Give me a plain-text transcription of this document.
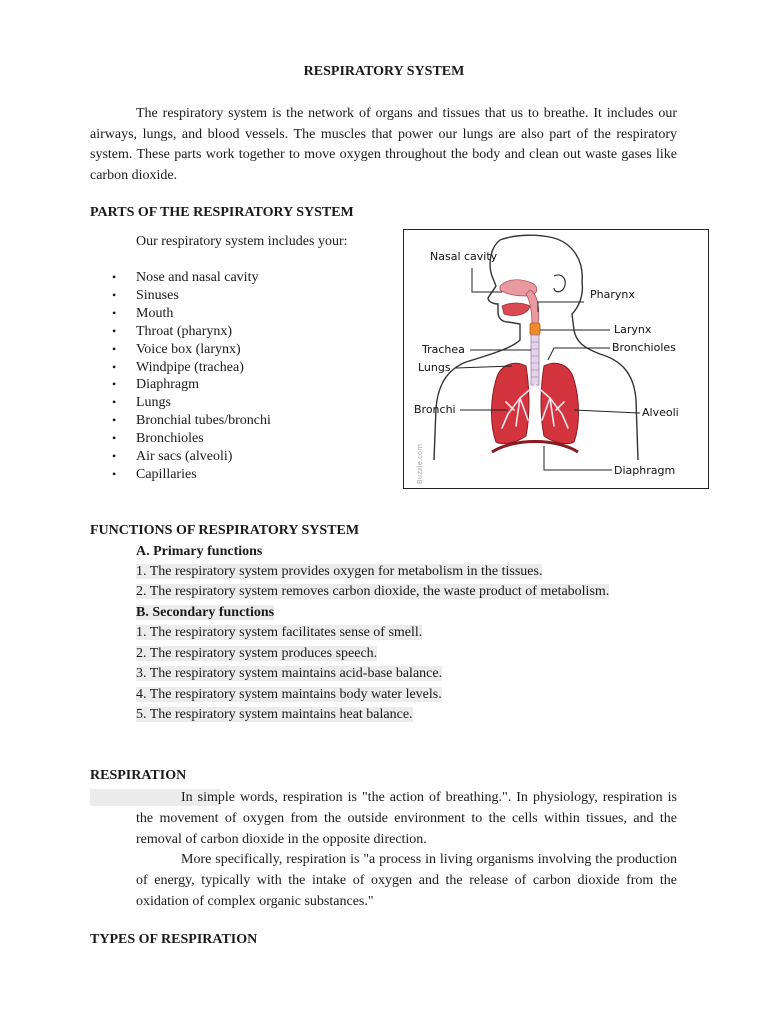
RESPIRATORY SYSTEM

The respiratory system is the network of organs and tissues that us to breathe. It includes our airways, lungs, and blood vessels. The muscles that power our lungs are also part of the respiratory system. These parts work together to move oxygen throughout the body and clean out waste gases like carbon dioxide.

PARTS OF THE RESPIRATORY SYSTEM

Our respiratory system includes your:

• Nose and nasal cavity
• Sinuses
• Mouth
• Throat (pharynx)
• Voice box (larynx)
• Windpipe (trachea)
• Diaphragm
• Lungs
• Bronchial tubes/bronchi
• Bronchioles
• Air sacs (alveoli)
• Capillaries
Nasal cavity
Pharynx
Larynx
Trachea	Bronchioles
Lungs
Bronchi	Alveoli
Diaphragm
Buzzle.com

FUNCTIONS OF RESPIRATORY SYSTEM

A. Primary functions

1. The respiratory system provides oxygen for metabolism in the tissues.

2. The respiratory system removes carbon dioxide, the waste product of metabolism.

B. Secondary functions

1. The respiratory system facilitates sense of smell.

2. The respiratory system produces speech.

3. The respiratory system maintains acid-base balance.

4. The respiratory system maintains body water levels.

5. The respiratory system maintains heat balance.

RESPIRATION

In simple words, respiration is "the action of breathing.". In physiology, respiration is the movement of oxygen from the outside environment to the cells within tissues, and the removal of carbon dioxide in the opposite direction.

More specifically, respiration is "a process in living organisms involving the production of energy, typically with the intake of oxygen and the release of carbon dioxide from the oxidation of complex organic substances."

TYPES OF RESPIRATION
